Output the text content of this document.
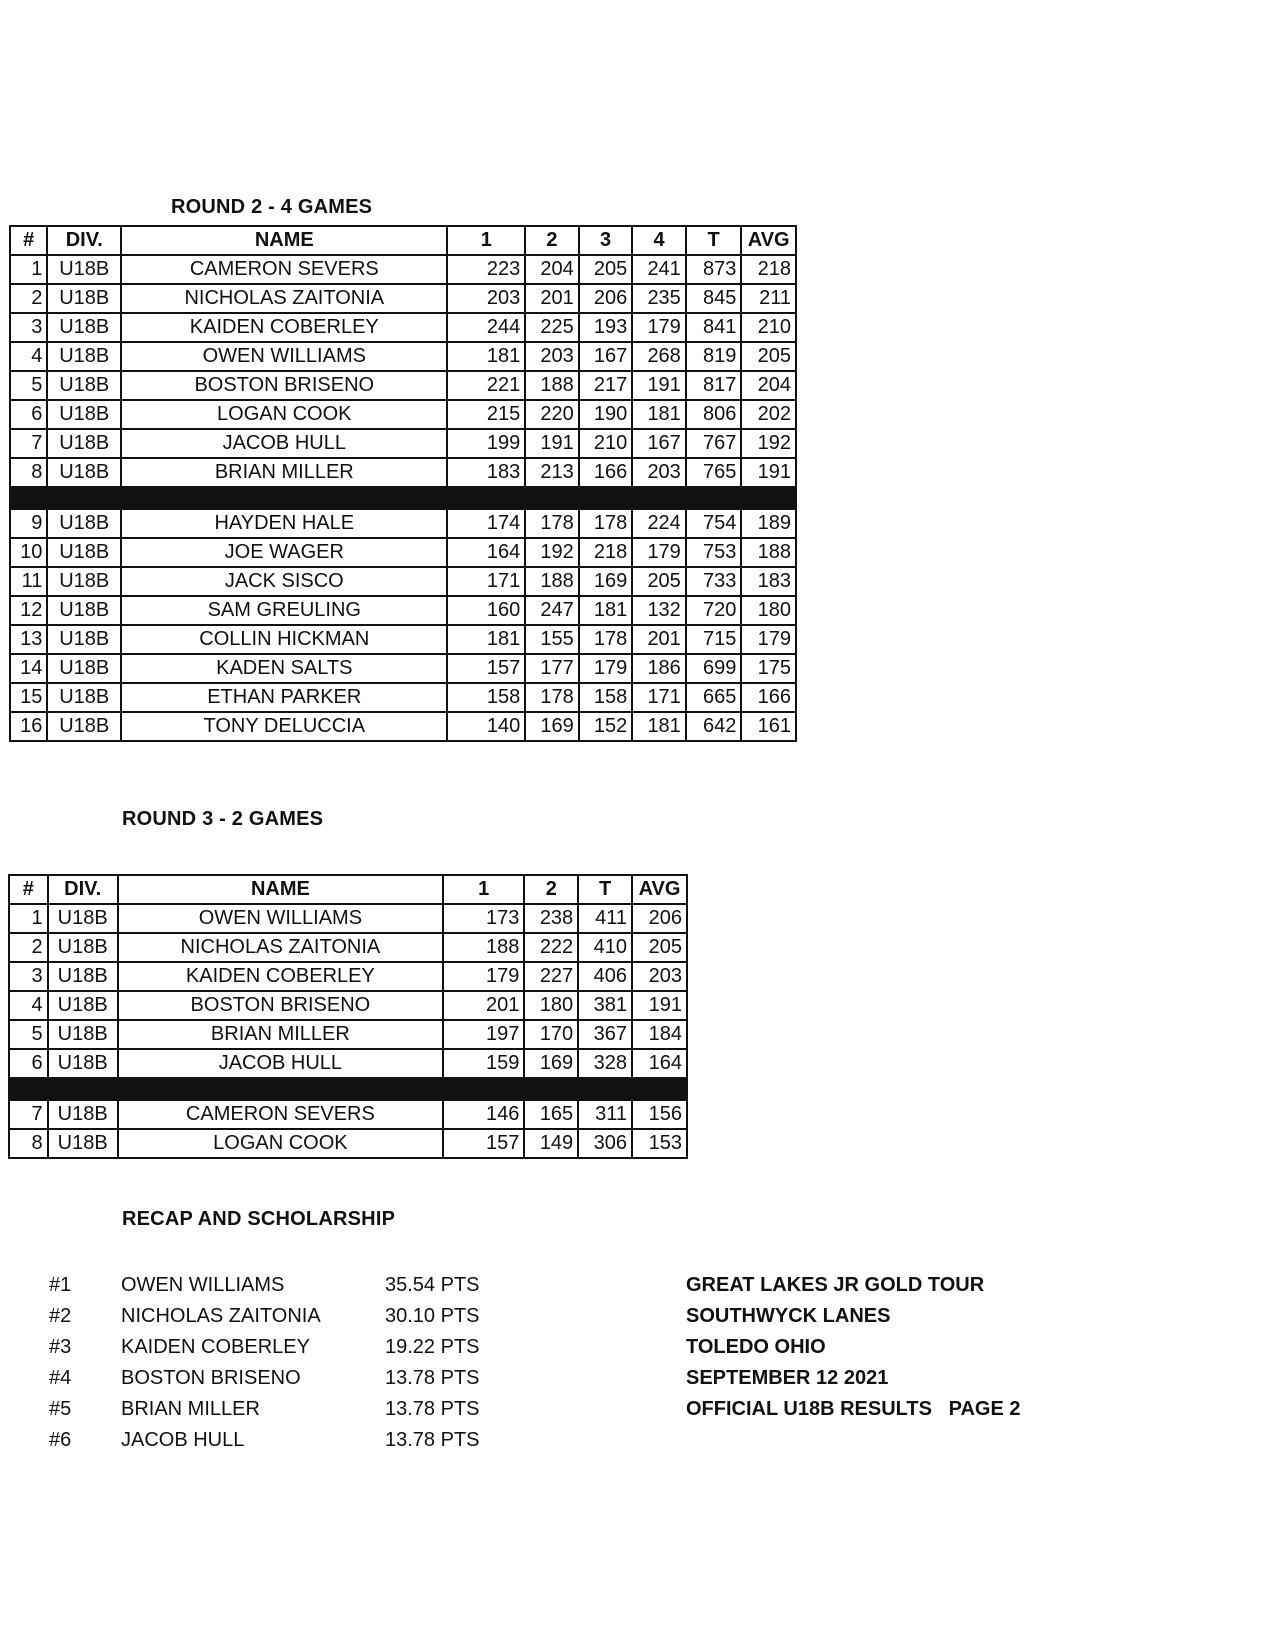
ROUND 2 - 4 GAMES
#	DIV.	NAME	1	2	3	4	T	AVG
1	U18B	CAMERON SEVERS	223	204	205	241	873	218
2	U18B	NICHOLAS ZAITONIA	203	201	206	235	845	211
3	U18B	KAIDEN COBERLEY	244	225	193	179	841	210
4	U18B	OWEN WILLIAMS	181	203	167	268	819	205
5	U18B	BOSTON BRISENO	221	188	217	191	817	204
6	U18B	LOGAN COOK	215	220	190	181	806	202
7	U18B	JACOB HULL	199	191	210	167	767	192
8	U18B	BRIAN MILLER	183	213	166	203	765	191

9	U18B	HAYDEN HALE	174	178	178	224	754	189
10	U18B	JOE WAGER	164	192	218	179	753	188
11	U18B	JACK SISCO	171	188	169	205	733	183
12	U18B	SAM GREULING	160	247	181	132	720	180
13	U18B	COLLIN HICKMAN	181	155	178	201	715	179
14	U18B	KADEN SALTS	157	177	179	186	699	175
15	U18B	ETHAN PARKER	158	178	158	171	665	166
16	U18B	TONY DELUCCIA	140	169	152	181	642	161
ROUND 3 - 2 GAMES
#	DIV.	NAME	1	2	T	AVG
1	U18B	OWEN WILLIAMS	173	238	411	206
2	U18B	NICHOLAS ZAITONIA	188	222	410	205
3	U18B	KAIDEN COBERLEY	179	227	406	203
4	U18B	BOSTON BRISENO	201	180	381	191
5	U18B	BRIAN MILLER	197	170	367	184
6	U18B	JACOB HULL	159	169	328	164

7	U18B	CAMERON SEVERS	146	165	311	156
8	U18B	LOGAN COOK	157	149	306	153
RECAP AND SCHOLARSHIP
#1 OWEN WILLIAMS	35.54 PTS
#2 NICHOLAS ZAITONIA	30.10 PTS
#3 KAIDEN COBERLEY	19.22 PTS
#4 BOSTON BRISENO	13.78 PTS
#5 BRIAN MILLER	13.78 PTS
#6 JACOB HULL	13.78 PTS
GREAT LAKES JR GOLD TOUR
SOUTHWYCK LANES
TOLEDO OHIO
SEPTEMBER 12 2021
OFFICIAL U18B RESULTS   PAGE 2
